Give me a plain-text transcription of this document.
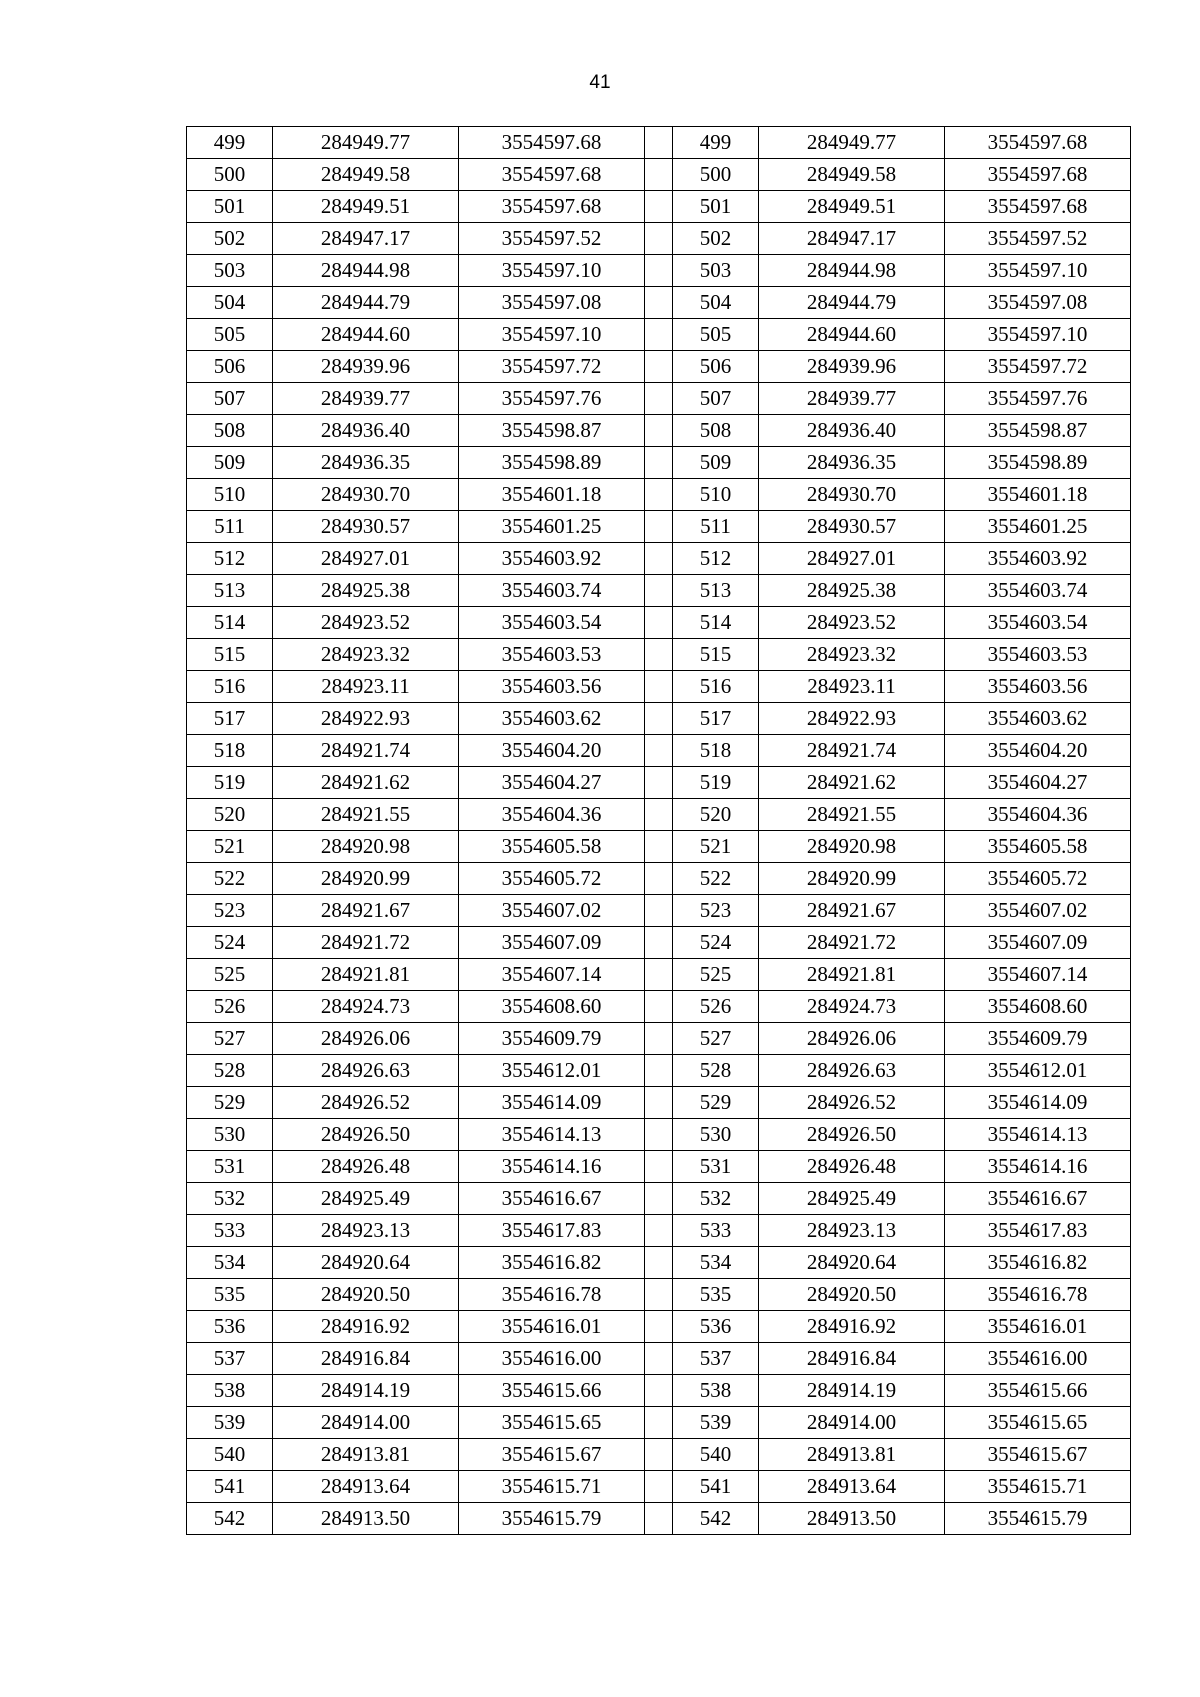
41
499	284949.77	3554597.68		499	284949.77	3554597.68
500	284949.58	3554597.68		500	284949.58	3554597.68
501	284949.51	3554597.68		501	284949.51	3554597.68
502	284947.17	3554597.52		502	284947.17	3554597.52
503	284944.98	3554597.10		503	284944.98	3554597.10
504	284944.79	3554597.08		504	284944.79	3554597.08
505	284944.60	3554597.10		505	284944.60	3554597.10
506	284939.96	3554597.72		506	284939.96	3554597.72
507	284939.77	3554597.76		507	284939.77	3554597.76
508	284936.40	3554598.87		508	284936.40	3554598.87
509	284936.35	3554598.89		509	284936.35	3554598.89
510	284930.70	3554601.18		510	284930.70	3554601.18
511	284930.57	3554601.25		511	284930.57	3554601.25
512	284927.01	3554603.92		512	284927.01	3554603.92
513	284925.38	3554603.74		513	284925.38	3554603.74
514	284923.52	3554603.54		514	284923.52	3554603.54
515	284923.32	3554603.53		515	284923.32	3554603.53
516	284923.11	3554603.56		516	284923.11	3554603.56
517	284922.93	3554603.62		517	284922.93	3554603.62
518	284921.74	3554604.20		518	284921.74	3554604.20
519	284921.62	3554604.27		519	284921.62	3554604.27
520	284921.55	3554604.36		520	284921.55	3554604.36
521	284920.98	3554605.58		521	284920.98	3554605.58
522	284920.99	3554605.72		522	284920.99	3554605.72
523	284921.67	3554607.02		523	284921.67	3554607.02
524	284921.72	3554607.09		524	284921.72	3554607.09
525	284921.81	3554607.14		525	284921.81	3554607.14
526	284924.73	3554608.60		526	284924.73	3554608.60
527	284926.06	3554609.79		527	284926.06	3554609.79
528	284926.63	3554612.01		528	284926.63	3554612.01
529	284926.52	3554614.09		529	284926.52	3554614.09
530	284926.50	3554614.13		530	284926.50	3554614.13
531	284926.48	3554614.16		531	284926.48	3554614.16
532	284925.49	3554616.67		532	284925.49	3554616.67
533	284923.13	3554617.83		533	284923.13	3554617.83
534	284920.64	3554616.82		534	284920.64	3554616.82
535	284920.50	3554616.78		535	284920.50	3554616.78
536	284916.92	3554616.01		536	284916.92	3554616.01
537	284916.84	3554616.00		537	284916.84	3554616.00
538	284914.19	3554615.66		538	284914.19	3554615.66
539	284914.00	3554615.65		539	284914.00	3554615.65
540	284913.81	3554615.67		540	284913.81	3554615.67
541	284913.64	3554615.71		541	284913.64	3554615.71
542	284913.50	3554615.79		542	284913.50	3554615.79
